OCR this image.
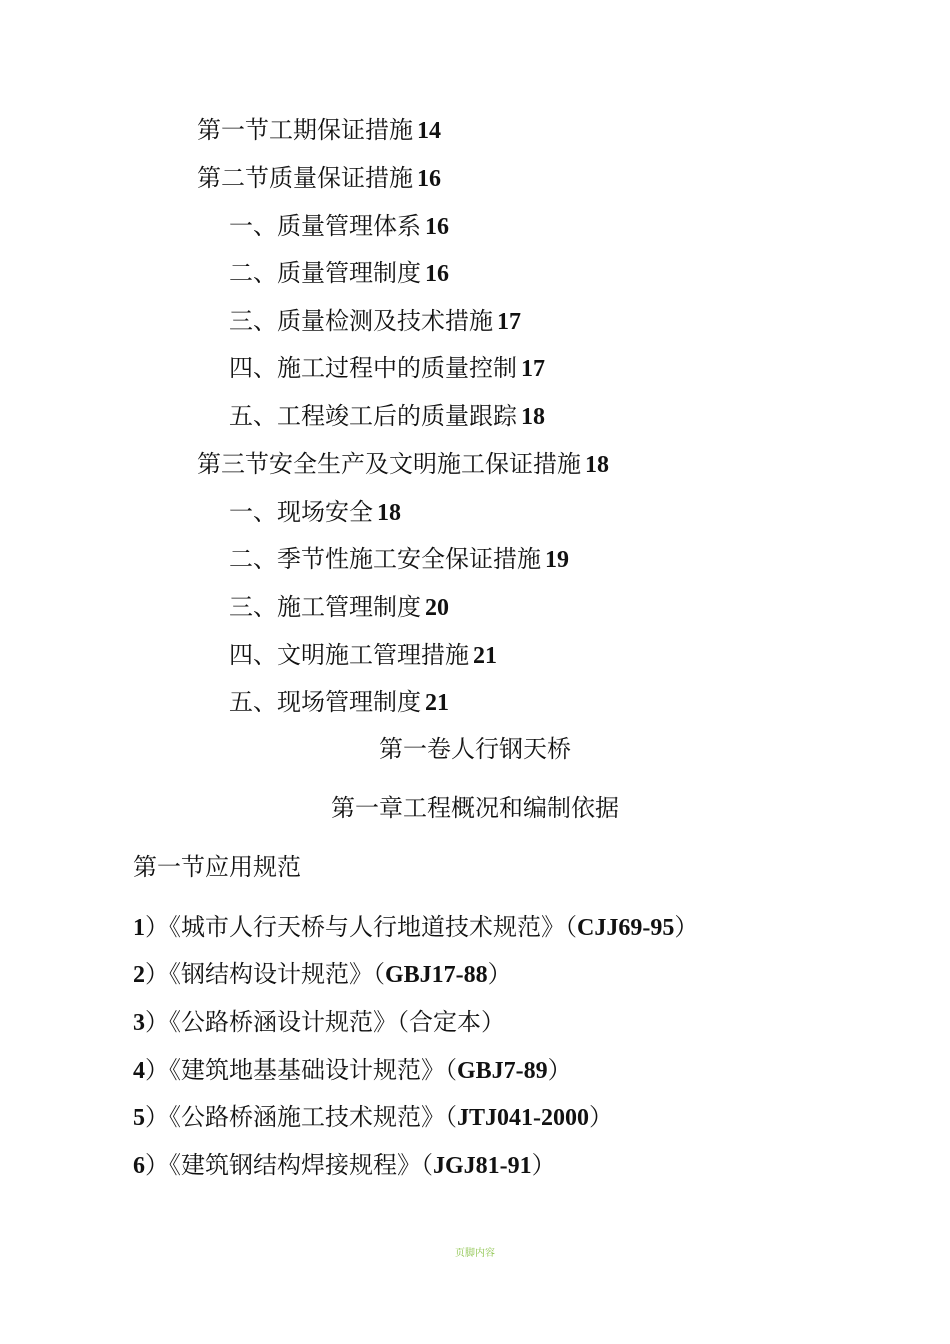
第一节工期保证措施 14
第二节质量保证措施 16
一、质量管理体系 16
二、质量管理制度 16
三、质量检测及技术措施 17
四、施工过程中的质量控制 17
五、工程竣工后的质量跟踪 18
第三节安全生产及文明施工保证措施 18
一、现场安全 18
二、季节性施工安全保证措施 19
三、施工管理制度 20
四、文明施工管理措施 21
五、现场管理制度 21
第一卷人行钢天桥
第一章工程概况和编制依据
第一节应用规范
1）《城市人行天桥与人行地道技术规范》（CJJ69-95）
2）《钢结构设计规范》（GBJ17-88）
3）《公路桥涵设计规范》（合定本）
4）《建筑地基基础设计规范》（GBJ7-89）
5）《公路桥涵施工技术规范》（JTJ041-2000）
6）《建筑钢结构焊接规程》（JGJ81-91）
页脚内容
